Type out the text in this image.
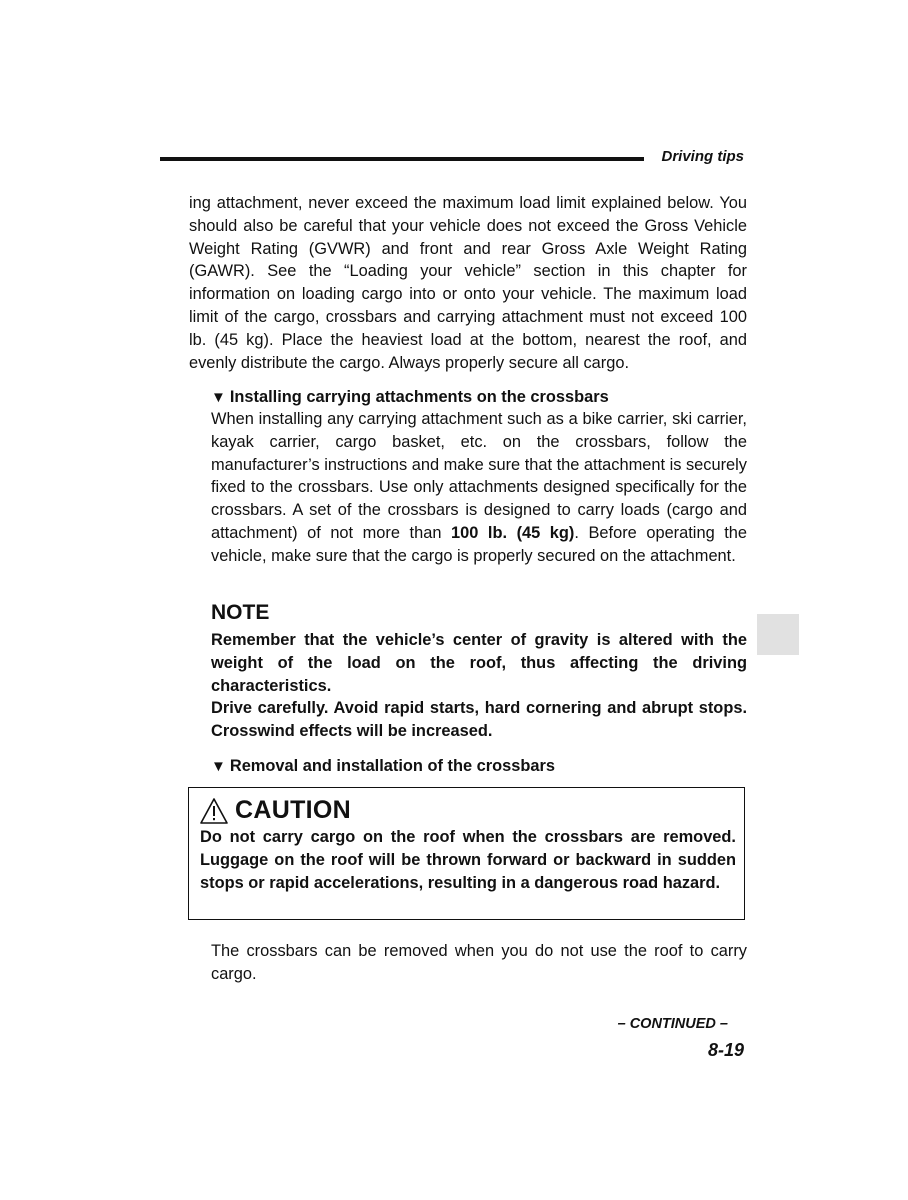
Driving tips

ing attachment, never exceed the maximum load limit explained below. You should also be careful that your vehicle does not exceed the Gross Vehicle Weight Rating (GVWR) and front and rear Gross Axle Weight Rating (GAWR). See the “Loading your vehicle” section in this chapter for information on loading cargo into or onto your vehicle. The maximum load limit of the cargo, crossbars and carrying attachment must not exceed 100 lb. (45 kg). Place the heaviest load at the bottom, nearest the roof, and evenly distribute the cargo. Always properly secure all cargo.

▼ Installing carrying attachments on the crossbars

When installing any carrying attachment such as a bike carrier, ski carrier, kayak carrier, cargo basket, etc. on the crossbars, follow the manufacturer’s instructions and make sure that the attachment is securely fixed to the crossbars. Use only attachments designed specifically for the crossbars. A set of the crossbars is designed to carry loads (cargo and attachment) of not more than 100 lb. (45 kg). Before operating the vehicle, make sure that the cargo is properly secured on the attachment.

NOTE

Remember that the vehicle’s center of gravity is altered with the weight of the load on the roof, thus affecting the driving characteristics.

Drive carefully. Avoid rapid starts, hard cornering and abrupt stops. Crosswind effects will be increased.

▼ Removal and installation of the crossbars
CAUTION

Do not carry cargo on the roof when the crossbars are removed. Luggage on the roof will be thrown forward or backward in sudden stops or rapid accelerations, resulting in a dangerous road hazard.

The crossbars can be removed when you do not use the roof to carry cargo.

– CONTINUED –
8-19
